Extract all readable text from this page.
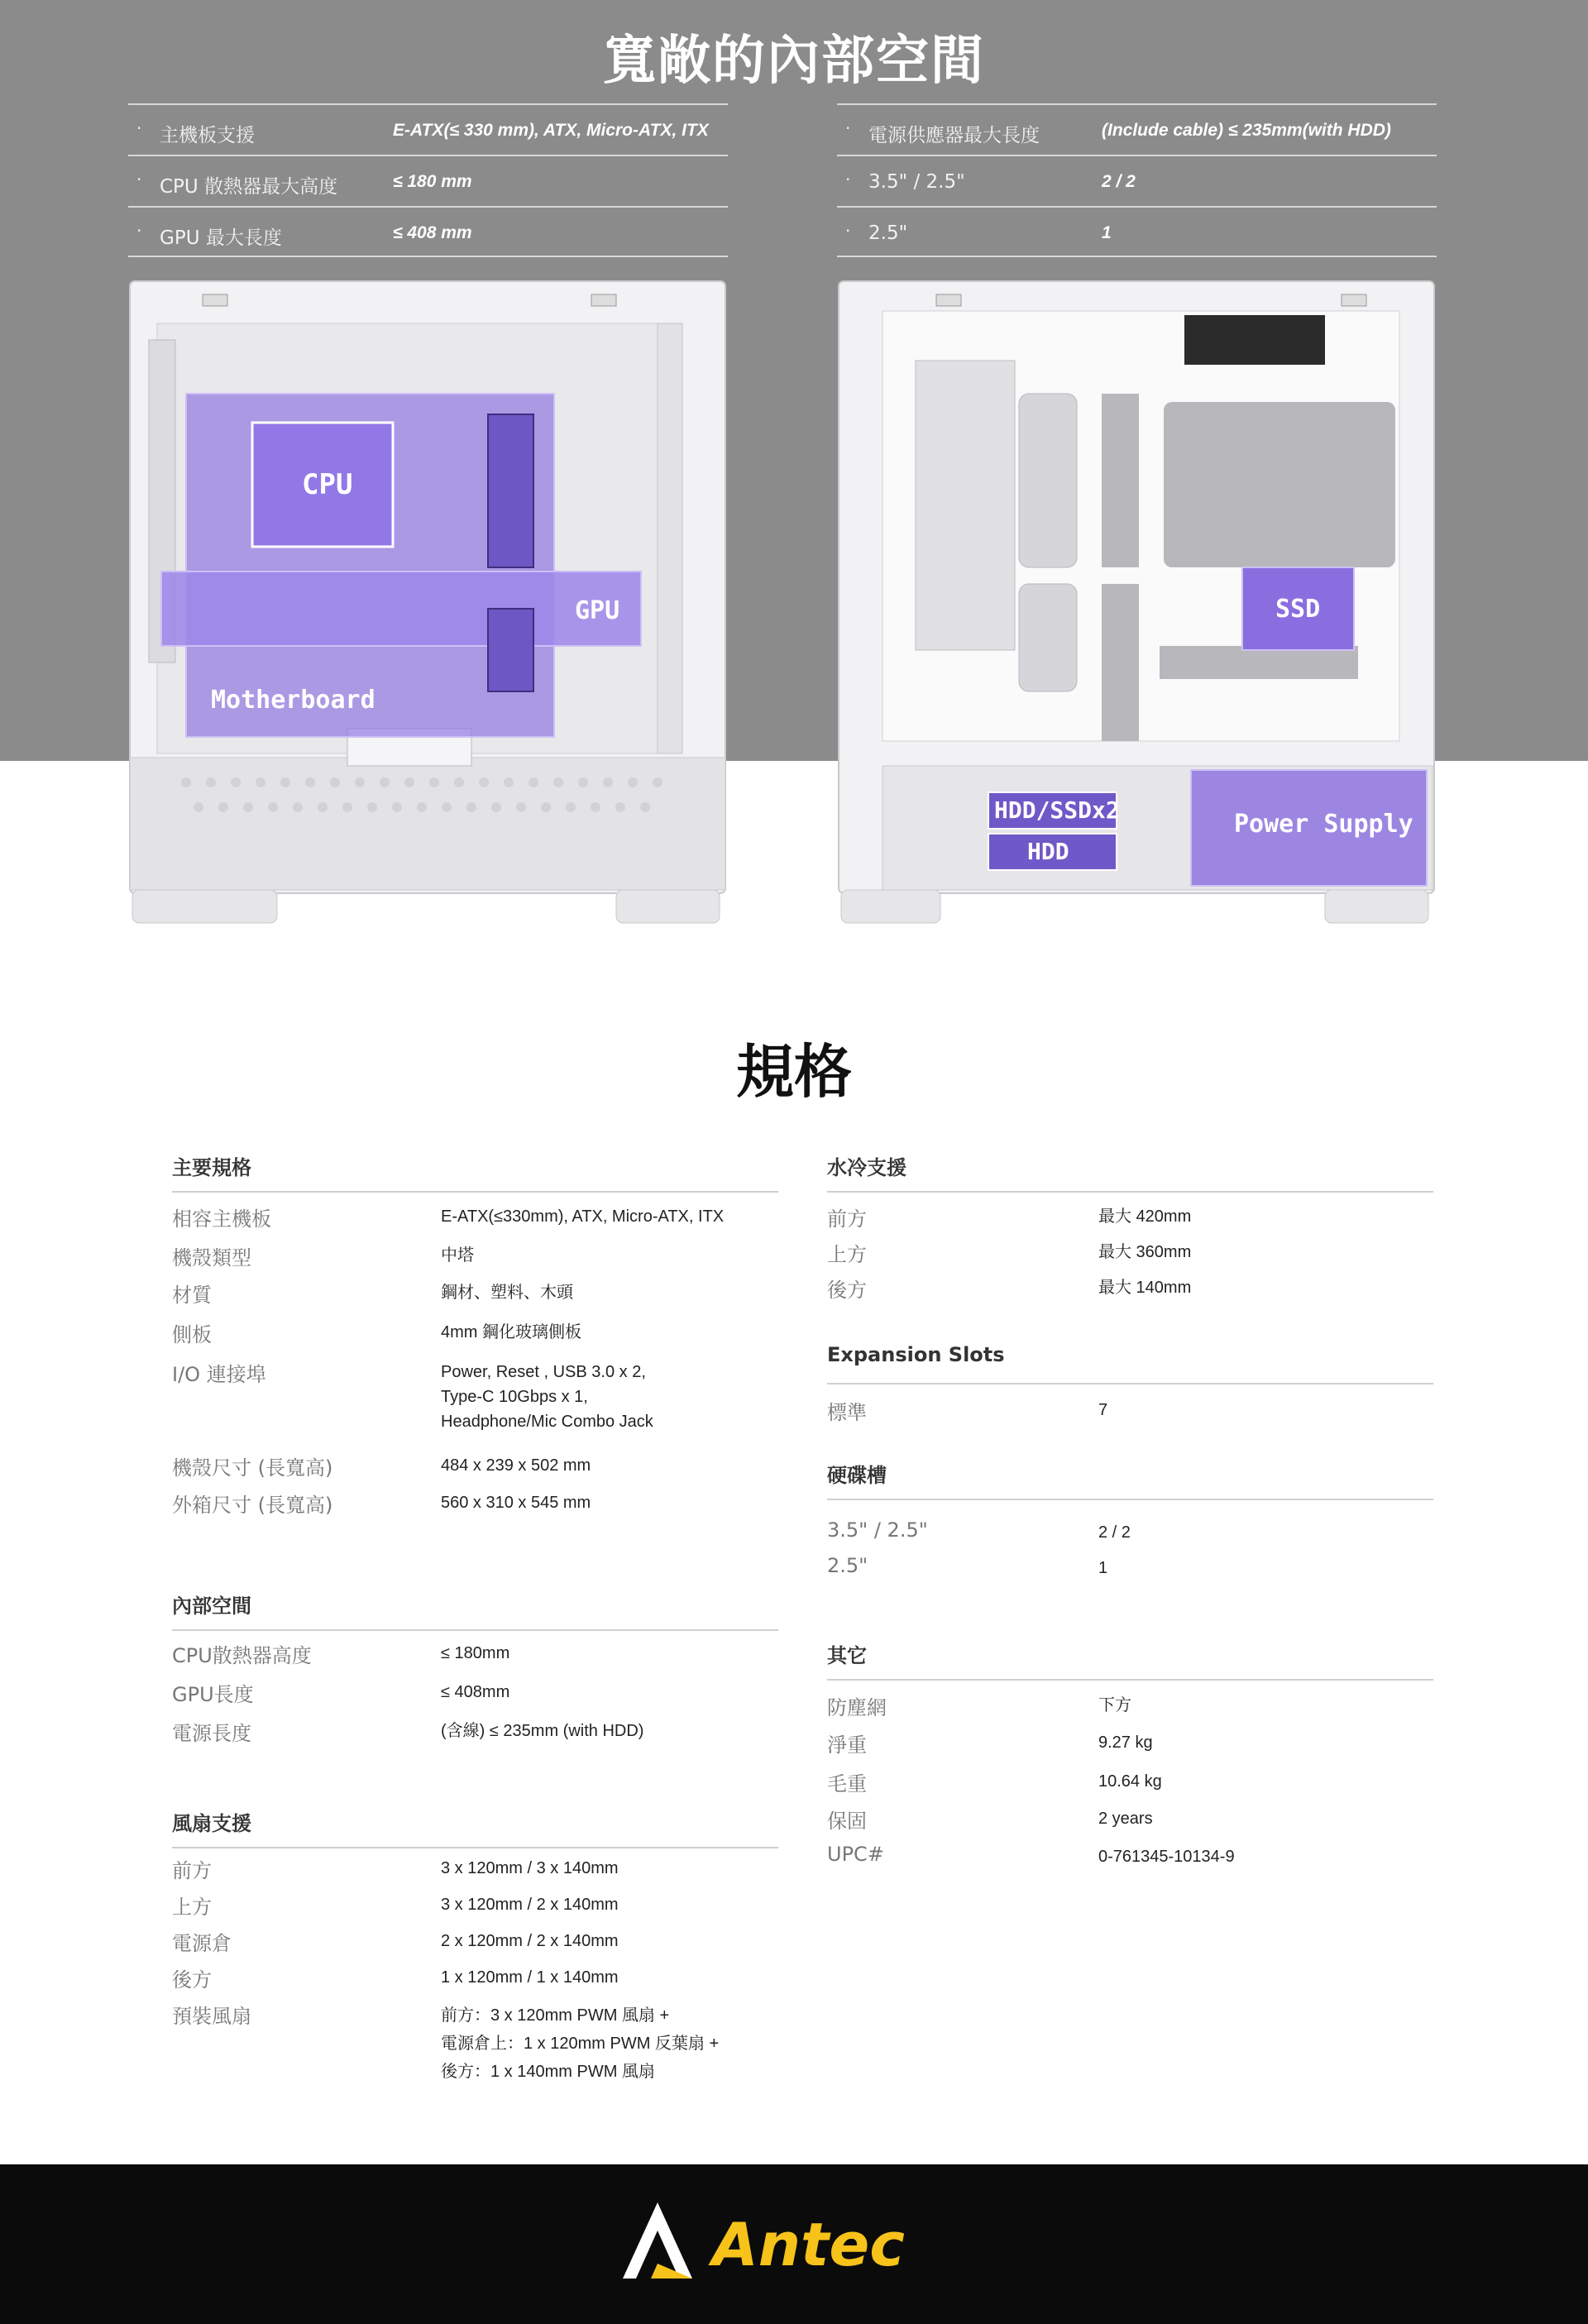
寬敞的內部空間
· 主機板支援	E-ATX(≤ 330 mm), ATX, Micro-ATX, ITX
· CPU 散熱器最大高度	≤ 180 mm
· GPU 最大長度	≤ 408 mm
· 電源供應器最大長度	(Include cable) ≤ 235mm(with HDD)
· 3.5" / 2.5"	2 / 2
· 2.5"	1
CPU
GPU
Motherboard
SSD
HDD/SSDx2
HDD
Power Supply
規格
主要規格
相容主機板	E-ATX(≤330mm), ATX, Micro-ATX, ITX
機殼類型	中塔
材質	鋼材、塑料、木頭
側板	4mm 鋼化玻璃側板
I/O 連接埠	Power, Reset , USB 3.0 x 2,
Type-C 10Gbps x 1,
Headphone/Mic Combo Jack
機殼尺寸 (長寬高)	484 x 239 x 502 mm
外箱尺寸 (長寬高)	560 x 310 x 545 mm
內部空間
CPU散熱器高度	≤ 180mm
GPU長度	≤ 408mm
電源長度	(含線) ≤ 235mm (with HDD)
風扇支援
前方	3 x 120mm / 3 x 140mm
上方	3 x 120mm / 2 x 140mm
電源倉	2 x 120mm / 2 x 140mm
後方	1 x 120mm / 1 x 140mm
預裝風扇	前方：3 x 120mm PWM 風扇 +
電源倉上：1 x 120mm PWM 反葉扇 +
後方：1 x 140mm PWM 風扇
水冷支援
前方	最大 420mm
上方	最大 360mm
後方	最大 140mm
Expansion Slots
標準	7
硬碟槽
3.5" / 2.5"	2 / 2
2.5"	1
其它
防塵網	下方
淨重	9.27 kg
毛重	10.64 kg
保固	2 years
UPC#	0-761345-10134-9
Antec
